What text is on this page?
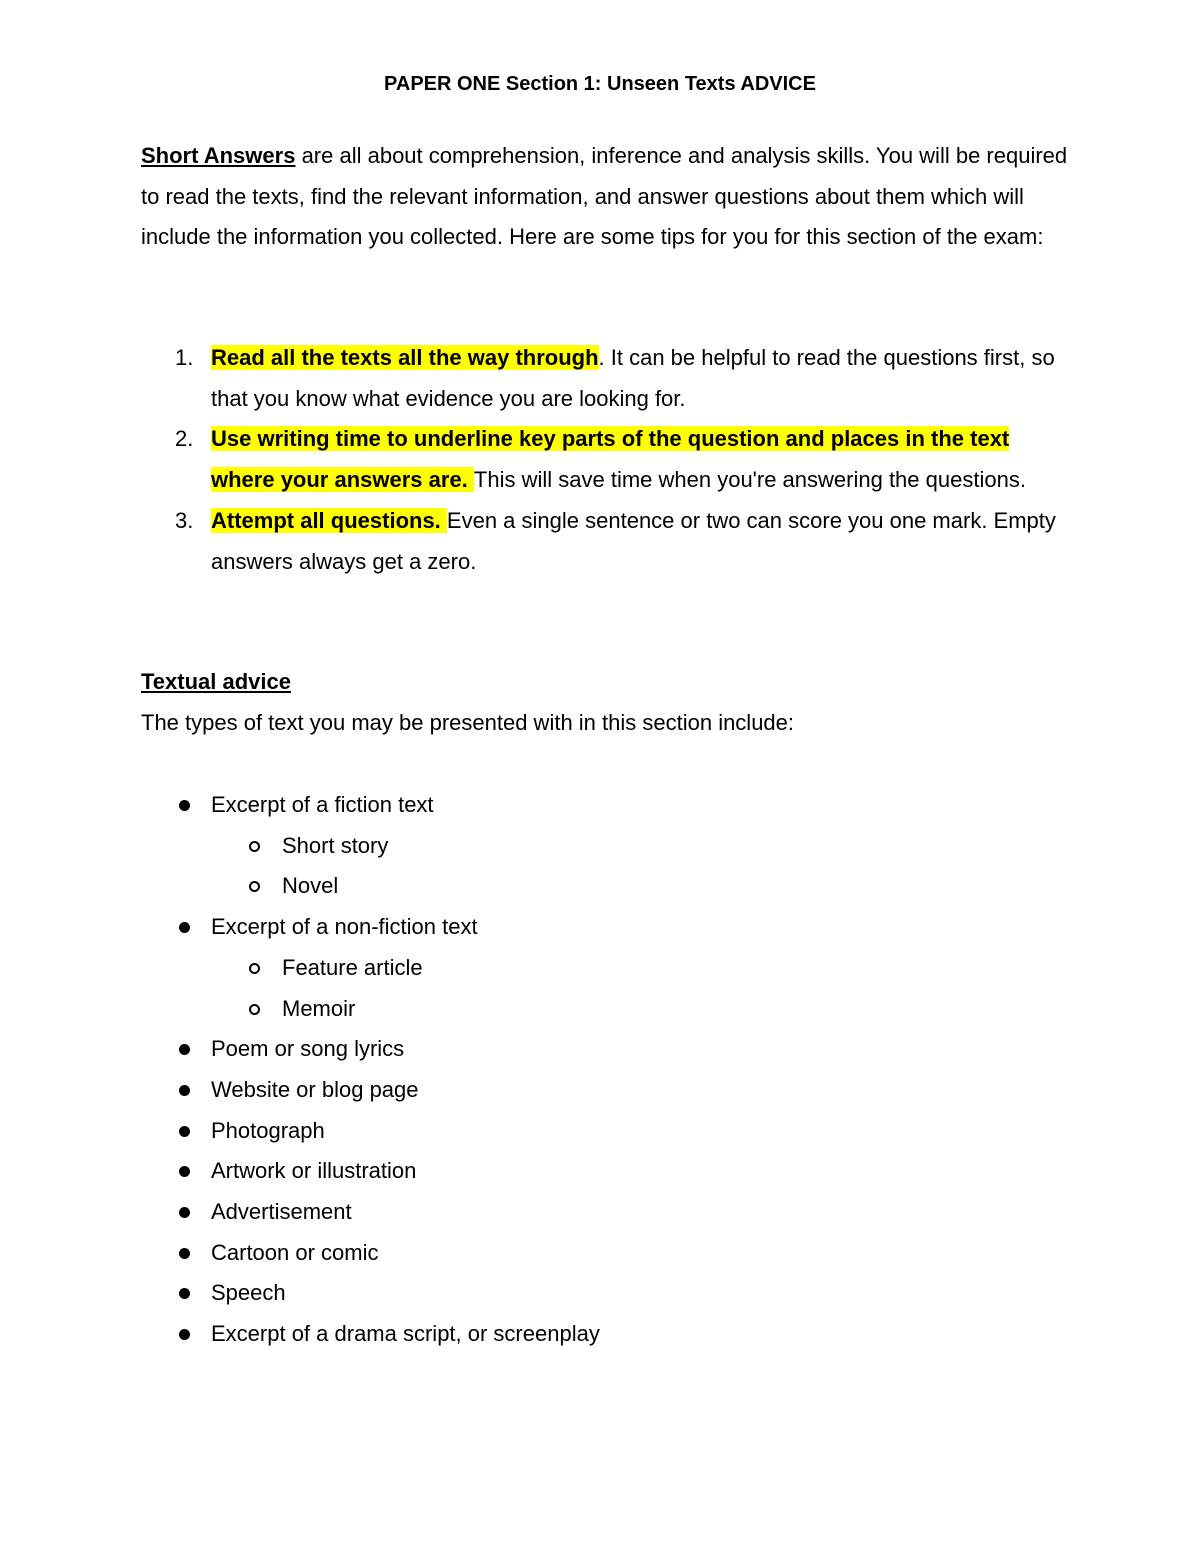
PAPER ONE Section 1: Unseen Texts ADVICE
Short Answers are all about comprehension, inference and analysis skills. You will be required to read the texts, find the relevant information, and answer questions about them which will include the information you collected. Here are some tips for you for this section of the exam:
1. Read all the texts all the way through. It can be helpful to read the questions first, so that you know what evidence you are looking for.
2. Use writing time to underline key parts of the question and places in the text where your answers are. This will save time when you're answering the questions.
3. Attempt all questions. Even a single sentence or two can score you one mark. Empty answers always get a zero.
Textual advice
The types of text you may be presented with in this section include:
Excerpt of a fiction text
Short story
Novel
Excerpt of a non-fiction text
Feature article
Memoir
Poem or song lyrics
Website or blog page
Photograph
Artwork or illustration
Advertisement
Cartoon or comic
Speech
Excerpt of a drama script, or screenplay
